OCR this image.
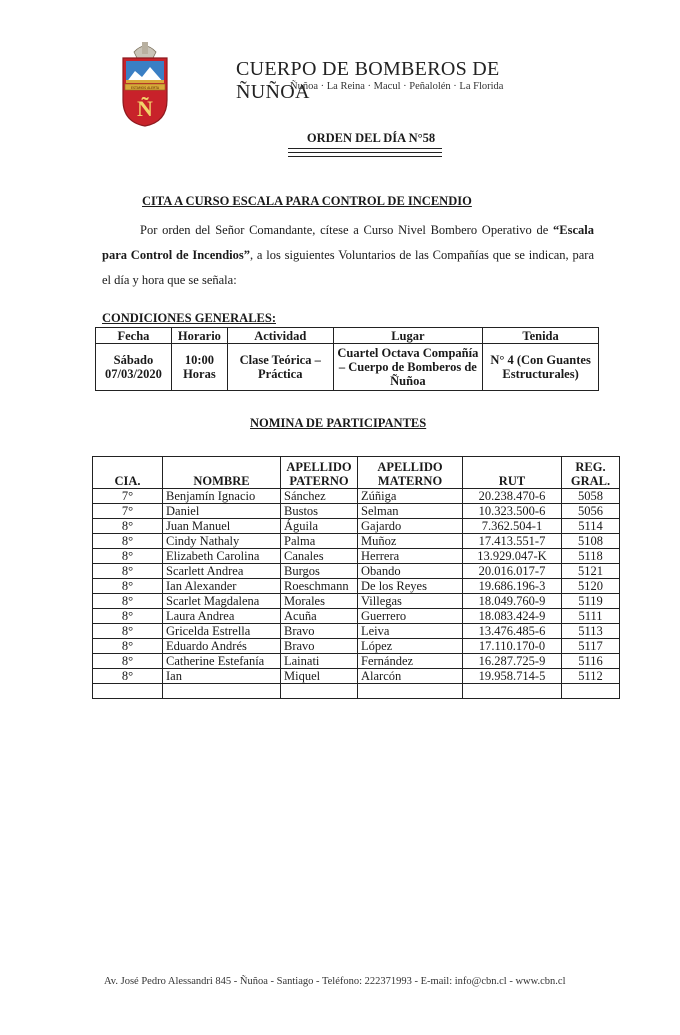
ESTAMOS ALERTA
Ñ
CUERPO DE BOMBEROS DE ÑUÑOA
Ñuñoa · La Reina · Macul · Peñalolén · La Florida
ORDEN DEL DÍA N°58
CITA A CURSO ESCALA PARA CONTROL DE INCENDIO
Por orden del Señor Comandante, cítese a Curso Nivel Bombero Operativo de “Escala para Control de Incendios”, a los siguientes Voluntarios de las Compañías que se indican, para el día y hora que se señala:
CONDICIONES GENERALES:
Fecha	Horario	Actividad	Lugar	Tenida
Sábado 07/03/2020	10:00 Horas	Clase Teórica – Práctica	Cuartel Octava Compañía – Cuerpo de Bomberos de Ñuñoa	N° 4 (Con Guantes Estructurales)
NOMINA DE PARTICIPANTES
CIA.	NOMBRE	APELLIDO PATERNO	APELLIDO MATERNO	RUT	REG. GRAL.
7°	Benjamín Ignacio	Sánchez	Zúñiga	20.238.470-6	5058
7°	Daniel	Bustos	Selman	10.323.500-6	5056
8°	Juan Manuel	Águila	Gajardo	7.362.504-1	5114
8°	Cindy Nathaly	Palma	Muñoz	17.413.551-7	5108
8°	Elizabeth Carolina	Canales	Herrera	13.929.047-K	5118
8°	Scarlett Andrea	Burgos	Obando	20.016.017-7	5121
8°	Ian Alexander	Roeschmann	De los Reyes	19.686.196-3	5120
8°	Scarlet Magdalena	Morales	Villegas	18.049.760-9	5119
8°	Laura Andrea	Acuña	Guerrero	18.083.424-9	5111
8°	Gricelda Estrella	Bravo	Leiva	13.476.485-6	5113
8°	Eduardo Andrés	Bravo	López	17.110.170-0	5117
8°	Catherine Estefanía	Lainati	Fernández	16.287.725-9	5116
8°	Ian	Miquel	Alarcón	19.958.714-5	5112

Av. José Pedro Alessandri 845 - Ñuñoa - Santiago - Teléfono: 222371993 - E-mail: info@cbn.cl - www.cbn.cl
